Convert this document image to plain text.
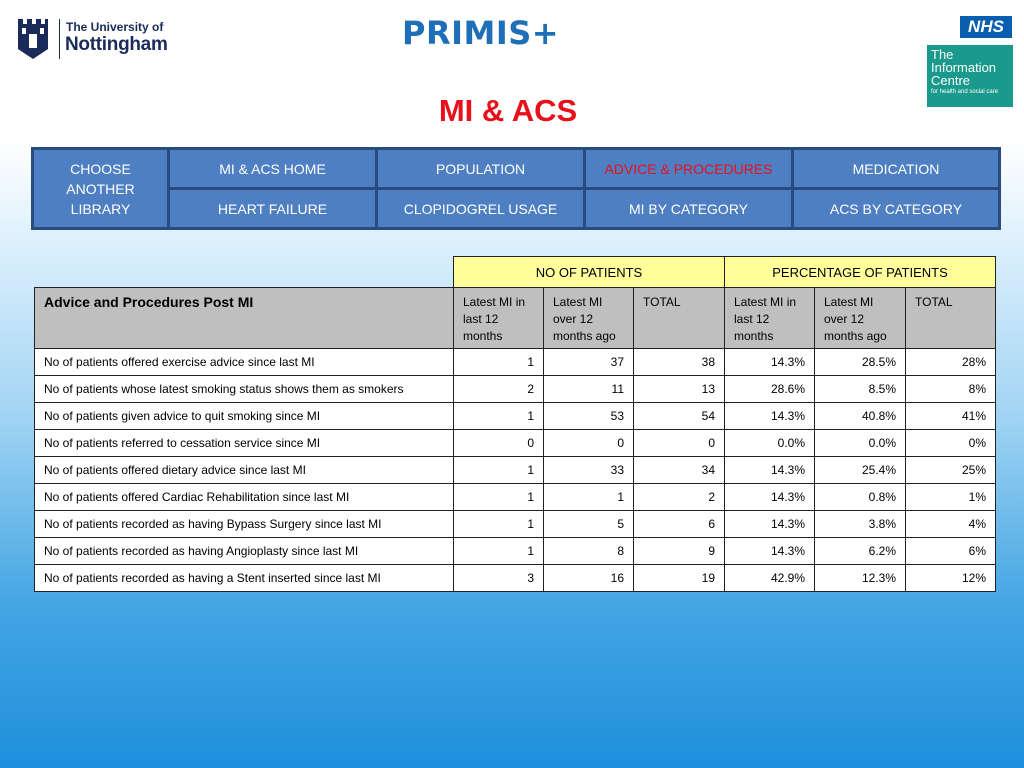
The University of
Nottingham	PRIMIS+	NHS
The
Information
Centre
for health and social care
MI & ACS
CHOOSE ANOTHER LIBRARY
MI & ACS HOME	POPULATION	ADVICE & PROCEDURES	MEDICATION
HEART FAILURE	CLOPIDOGREL USAGE	MI BY CATEGORY	ACS BY CATEGORY
	NO OF PATIENTS			PERCENTAGE OF PATIENTS		
Advice and Procedures Post MI	Latest MI in last 12 months	Latest MI over 12 months ago	TOTAL	Latest MI in last 12 months	Latest MI over 12 months ago	TOTAL
No of patients offered exercise advice since last MI	1	37	38	14.3%	28.5%	28%
No of patients whose latest smoking status shows them as smokers	2	11	13	28.6%	8.5%	8%
No of patients given advice to quit smoking since MI	1	53	54	14.3%	40.8%	41%
No of patients referred to cessation service since MI	0	0	0	0.0%	0.0%	0%
No of patients offered dietary advice since last MI	1	33	34	14.3%	25.4%	25%
No of patients offered Cardiac Rehabilitation since last MI	1	1	2	14.3%	0.8%	1%
No of patients recorded as having Bypass Surgery since last MI	1	5	6	14.3%	3.8%	4%
No of patients recorded as having Angioplasty since last MI	1	8	9	14.3%	6.2%	6%
No of patients recorded as having a Stent inserted since last MI	3	16	19	42.9%	12.3%	12%
